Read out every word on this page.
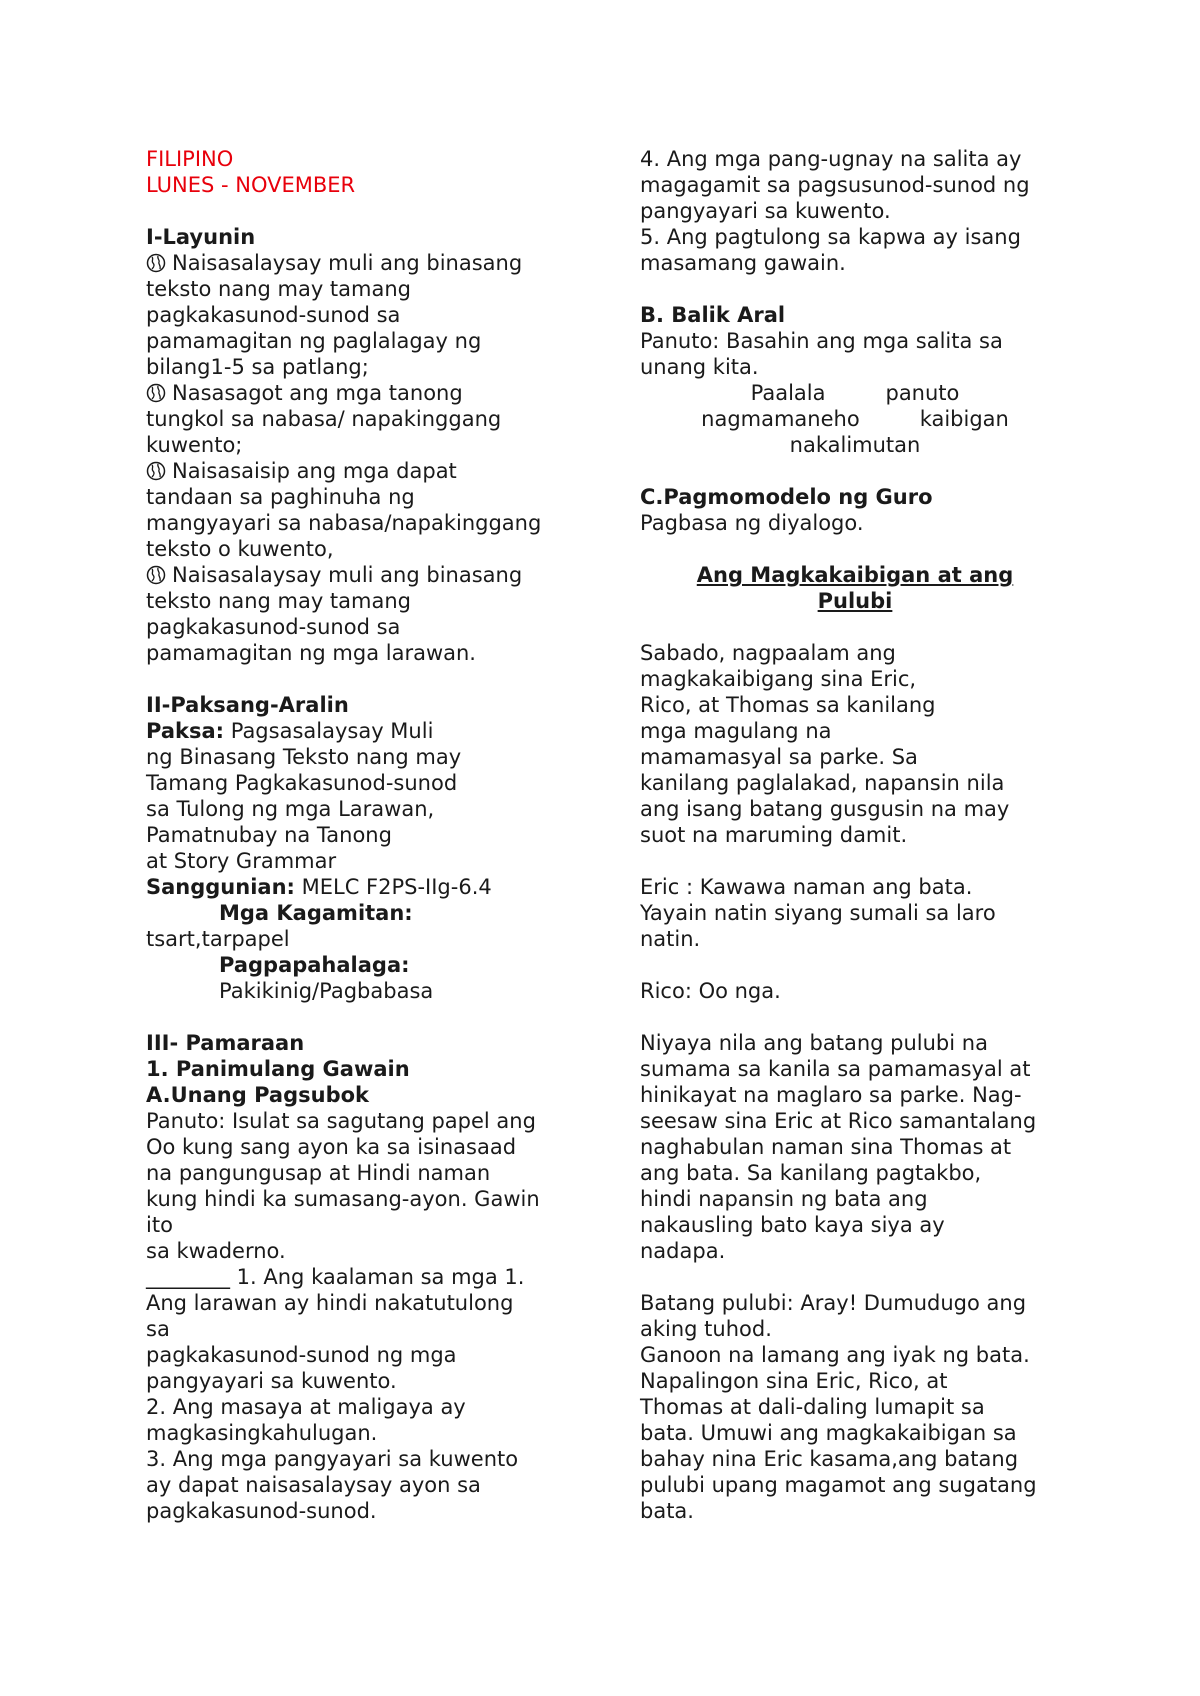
FILIPINO
LUNES - NOVEMBER
I-Layunin
Naisasalaysay muli ang binasang
teksto nang may tamang
pagkakasunod-sunod sa
pamamagitan ng paglalagay ng
bilang1-5 sa patlang;
Nasasagot ang mga tanong
tungkol sa nabasa/ napakinggang
kuwento;
Naisasaisip ang mga dapat
tandaan sa paghinuha ng
mangyayari sa nabasa/napakinggang
teksto o kuwento,
Naisasalaysay muli ang binasang
teksto nang may tamang
pagkakasunod-sunod sa
pamamagitan ng mga larawan.
II-Paksang-Aralin
Paksa: Pagsasalaysay Muli
ng Binasang Teksto nang may
Tamang Pagkakasunod-sunod
sa Tulong ng mga Larawan,
Pamatnubay na Tanong
at Story Grammar
Sanggunian: MELC F2PS-IIg-6.4
Mga Kagamitan:
tsart,tarpapel
Pagpapahalaga:
Pakikinig/Pagbabasa
III- Pamaraan
1. Panimulang Gawain
A.Unang Pagsubok
Panuto: Isulat sa sagutang papel ang
Oo kung sang ayon ka sa isinasaad
na pangungusap at Hindi naman
kung hindi ka sumasang-ayon. Gawin
ito
sa kwaderno.
________ 1. Ang kaalaman sa mga 1.
Ang larawan ay hindi nakatutulong
sa
pagkakasunod-sunod ng mga
pangyayari sa kuwento.
2. Ang masaya at maligaya ay
magkasingkahulugan.
3. Ang mga pangyayari sa kuwento
ay dapat naisasalaysay ayon sa
pagkakasunod-sunod.
4. Ang mga pang-ugnay na salita ay
magagamit sa pagsusunod-sunod ng
pangyayari sa kuwento.
5. Ang pagtulong sa kapwa ay isang
masamang gawain.
B. Balik Aral
Panuto: Basahin ang mga salita sa
unang kita.
Paalala	panuto
nagmamaneho	kaibigan
nakalimutan
C.Pagmomodelo ng Guro
Pagbasa ng diyalogo.
Ang Magkakaibigan at ang
Pulubi
Sabado, nagpaalam ang
magkakaibigang sina Eric,
Rico, at Thomas sa kanilang
mga magulang na
mamamasyal sa parke. Sa
kanilang paglalakad, napansin nila
ang isang batang gusgusin na may
suot na maruming damit.
Eric : Kawawa naman ang bata.
Yayain natin siyang sumali sa laro
natin.
Rico: Oo nga.
Niyaya nila ang batang pulubi na
sumama sa kanila sa pamamasyal at
hinikayat na maglaro sa parke. Nag-
seesaw sina Eric at Rico samantalang
naghabulan naman sina Thomas at
ang bata. Sa kanilang pagtakbo,
hindi napansin ng bata ang
nakausling bato kaya siya ay
nadapa.
Batang pulubi: Aray! Dumudugo ang
aking tuhod.
Ganoon na lamang ang iyak ng bata.
Napalingon sina Eric, Rico, at
Thomas at dali-daling lumapit sa
bata. Umuwi ang magkakaibigan sa
bahay nina Eric kasama,ang batang
pulubi upang magamot ang sugatang
bata.
